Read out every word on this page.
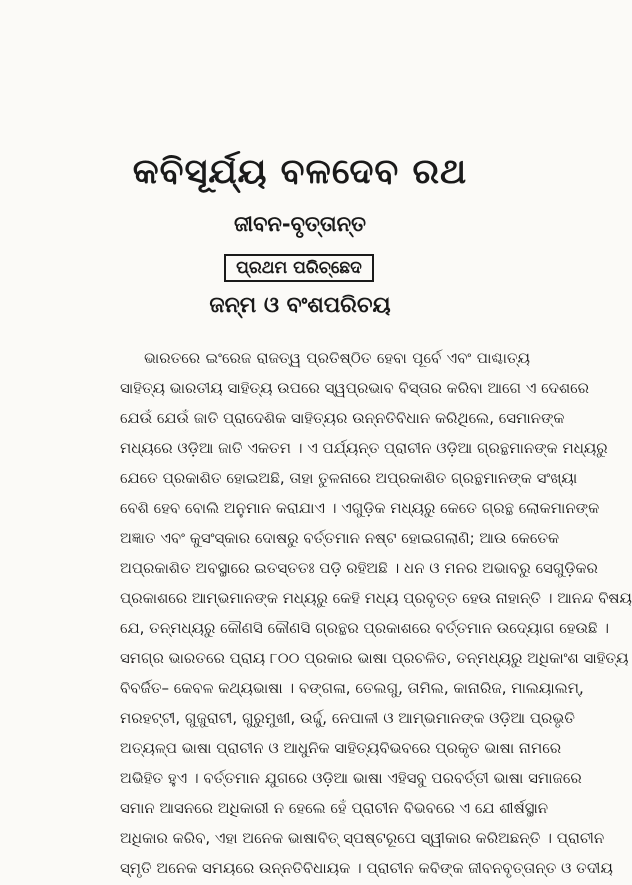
କବିସୂର୍ଯ୍ୟ ବଳଦେବ ରଥ
ଜୀବନ-ବୃତ୍ତାନ୍ତ
ପ୍ରଥମ ପରିଚ୍ଛେଦ
ଜନ୍ମ ଓ ବଂଶପରିଚୟ
ଭାରତରେ ଇଂରେଜ ରାଜତ୍ୱ ପ୍ରତିଷ୍ଠିତ ହେବା ପୂର୍ବେ ଏବଂ ପାଶ୍ଚାତ୍ୟ
ସାହିତ୍ୟ ଭାରତୀୟ ସାହିତ୍ୟ ଉପରେ ସ୍ୱପ୍ରଭାବ ବିସ୍ତାର କରିବା ଆଗେ ଏ ଦେଶରେ
ଯେଉଁ ଯେଉଁ ଜାତି ପ୍ରାଦେଶିକ ସାହିତ୍ୟର ଉନ୍ନତିବିଧାନ କରିଥିଲେ, ସେମାନଙ୍କ
ମଧ୍ୟରେ ଓଡ଼ିଆ ଜାତି ଏକତମ । ଏ ପର୍ଯ୍ୟନ୍ତ ପ୍ରାଚୀନ ଓଡ଼ିଆ ଗ୍ରନ୍ଥମାନଙ୍କ ମଧ୍ୟରୁ
ଯେତେ ପ୍ରକାଶିତ ହୋଇଅଛି, ତାହା ତୁଳନାରେ ଅପ୍ରକାଶିତ ଗ୍ରନ୍ଥମାନଙ୍କ ସଂଖ୍ୟା
ବେଶି ହେବ ବୋଲି ଅନୁମାନ କରାଯାଏ । ଏଗୁଡ଼ିକ ମଧ୍ୟରୁ କେତେ ଗ୍ରନ୍ଥ ଲୋକମାନଙ୍କ
ଅଜ୍ଞାତ ଏବଂ କୁସଂସ୍କାର ଦୋଷରୁ ବର୍ତ୍ତମାନ ନଷ୍ଟ ହୋଇଗଲାଣି; ଆଉ କେତେକ
ଅପ୍ରକାଶିତ ଅବସ୍ଥାରେ ଇତସ୍ତତଃ ପଡ଼ି ରହିଅଛି । ଧନ ଓ ମନର ଅଭାବରୁ ସେଗୁଡ଼ିକର
ପ୍ରକାଶରେ ଆମ୍ଭମାନଙ୍କ ମଧ୍ୟରୁ କେହି ମଧ୍ୟ ପ୍ରବୃତ୍ତ ହେଉ ନାହାନ୍ତି । ଆନନ୍ଦ ବିଷୟ
ଯେ, ତନ୍ମଧ୍ୟରୁ କୌଣସି କୌଣସି ଗ୍ରନ୍ଥର ପ୍ରକାଶରେ ବର୍ତ୍ତମାନ ଉଦ୍ୟୋଗ ହେଉଛି ।
ସମଗ୍ର ଭାରତରେ ପ୍ରାୟ ୮୦୦ ପ୍ରକାର ଭାଷା ପ୍ରଚଳିତ, ତନ୍ମଧ୍ୟରୁ ଅଧିକାଂଶ ସାହିତ୍ୟ
ବିବର୍ଜିତ– କେବଳ କଥ୍ୟଭାଷା । ବଙ୍ଗଳା, ତେଲଗୁ, ତାମିଲ, କାନାରିଜ, ମାଲୟାଲମ୍,
ମରହଟ୍ଟୀ, ଗୁଜୁରାଟୀ, ଗୁରୁମୁଖୀ, ଉର୍ଦ୍ଦୁ, ନେପାଳୀ ଓ ଆମ୍ଭମାନଙ୍କ ଓଡ଼ିଆ ପ୍ରଭୃତି
ଅତ୍ୟଳ୍ପ ଭାଷା ପ୍ରାଚୀନ ଓ ଆଧୁନିକ ସାହିତ୍ୟବିଭବରେ ପ୍ରକୃତ ଭାଷା ନାମରେ
ଅଭିହିତ ହୁଏ । ବର୍ତ୍ତମାନ ଯୁଗରେ ଓଡ଼ିଆ ଭାଷା ଏହିସବୁ ପରବର୍ତ୍ତୀ ଭାଷା ସମାଜରେ
ସମାନ ଆସନରେ ଅଧିକାରୀ ନ ହେଲେ ହେଁ ପ୍ରାଚୀନ ବିଭବରେ ଏ ଯେ ଶୀର୍ଷସ୍ଥାନ
ଅଧିକାର କରିବ, ଏହା ଅନେକ ଭାଷାବିତ୍ ସ୍ପଷ୍ଟରୂପେ ସ୍ୱୀକାର କରିଅଛନ୍ତି । ପ୍ରାଚୀନ
ସ୍ମୃତି ଅନେକ ସମୟରେ ଉନ୍ନତିବିଧାୟକ । ପ୍ରାଚୀନ କବିଙ୍କ ଜୀବନବୃତ୍ତାନ୍ତ ଓ ତଦୀୟ
